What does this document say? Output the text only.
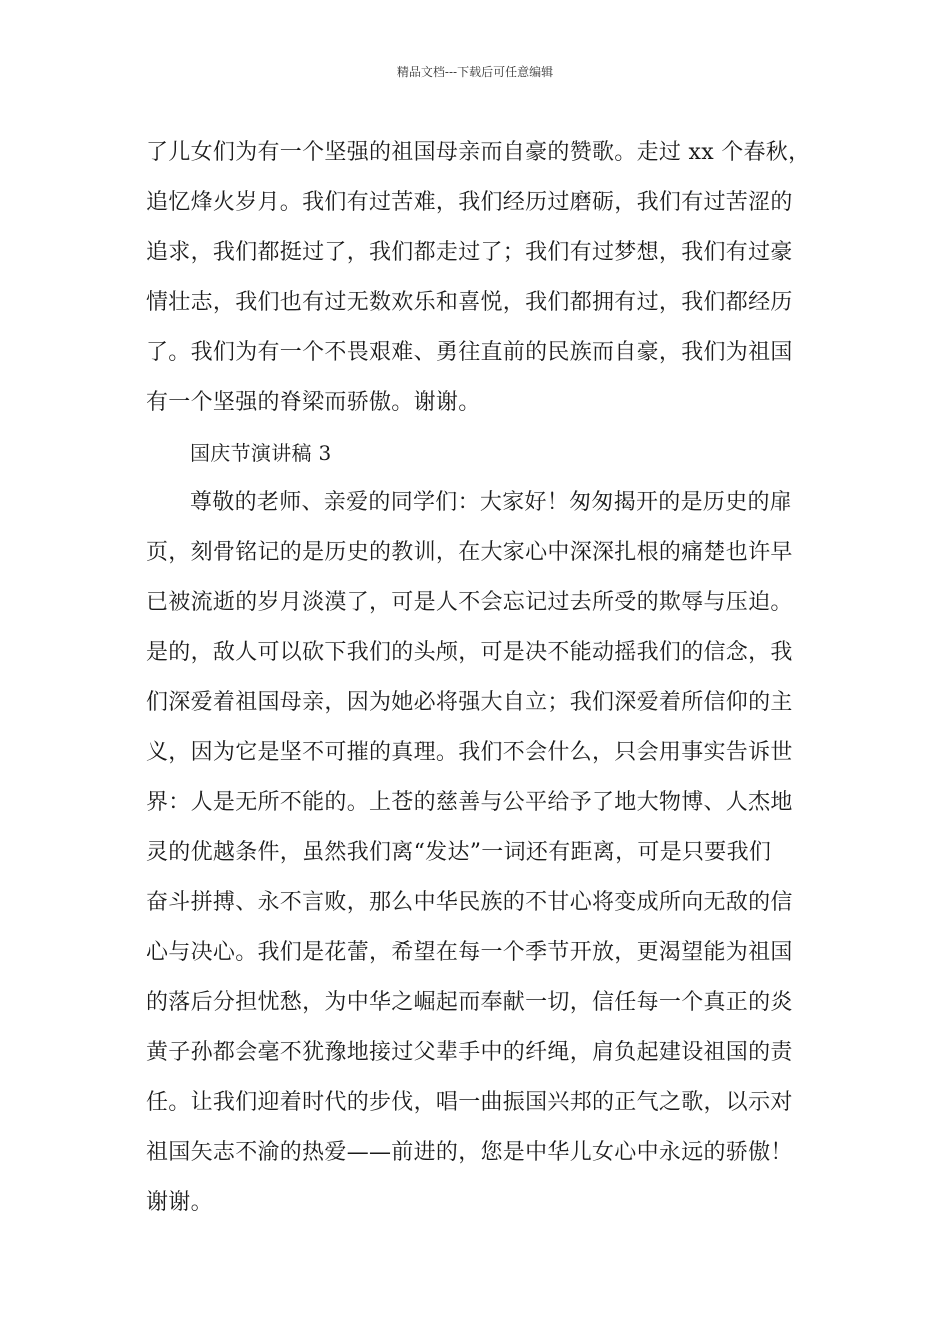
精品文档---下载后可任意编辑
了儿女们为有一个坚强的祖国母亲而自豪的赞歌。走过 xx 个春秋，
追忆烽火岁月。我们有过苦难，我们经历过磨砺，我们有过苦涩的
追求，我们都挺过了，我们都走过了；我们有过梦想，我们有过豪
情壮志，我们也有过无数欢乐和喜悦，我们都拥有过，我们都经历
了。我们为有一个不畏艰难、勇往直前的民族而自豪，我们为祖国
有一个坚强的脊梁而骄傲。谢谢。
国庆节演讲稿 3
尊敬的老师、亲爱的同学们：大家好！匆匆揭开的是历史的扉
页，刻骨铭记的是历史的教训，在大家心中深深扎根的痛楚也许早
已被流逝的岁月淡漠了，可是人不会忘记过去所受的欺辱与压迫。
是的，敌人可以砍下我们的头颅，可是决不能动摇我们的信念，我
们深爱着祖国母亲，因为她必将强大自立；我们深爱着所信仰的主
义，因为它是坚不可摧的真理。我们不会什么，只会用事实告诉世
界：人是无所不能的。上苍的慈善与公平给予了地大物博、人杰地
灵的优越条件，虽然我们离“发达”一词还有距离，可是只要我们
奋斗拼搏、永不言败，那么中华民族的不甘心将变成所向无敌的信
心与决心。我们是花蕾，希望在每一个季节开放，更渴望能为祖国
的落后分担忧愁，为中华之崛起而奉献一切，信任每一个真正的炎
黄子孙都会毫不犹豫地接过父辈手中的纤绳，肩负起建设祖国的责
任。让我们迎着时代的步伐，唱一曲振国兴邦的正气之歌，以示对
祖国矢志不渝的热爱——前进的，您是中华儿女心中永远的骄傲！
谢谢。
